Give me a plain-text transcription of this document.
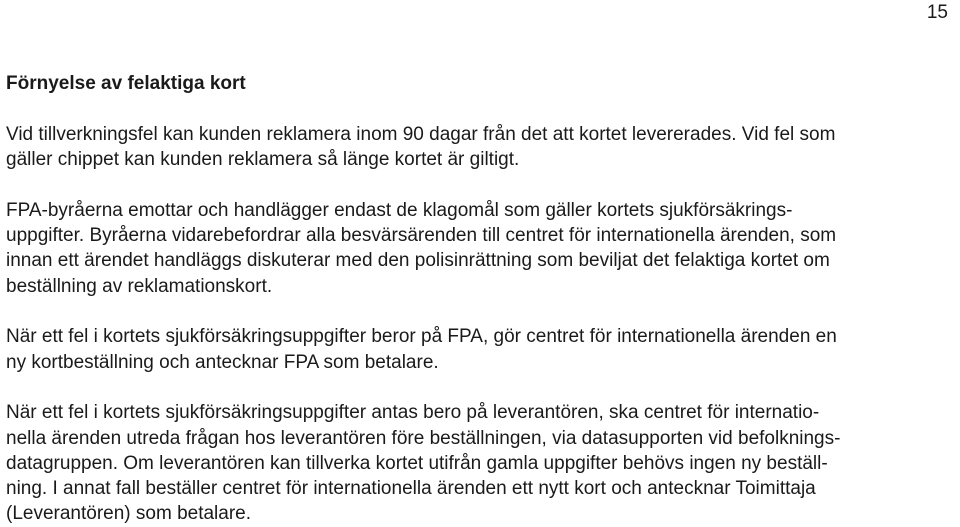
15
Förnyelse av felaktiga kort
Vid tillverkningsfel kan kunden reklamera inom 90 dagar från det att kortet levererades. Vid fel som
gäller chippet kan kunden reklamera så länge kortet är giltigt.
FPA-byråerna emottar och handlägger endast de klagomål som gäller kortets sjukförsäkrings-
uppgifter. Byråerna vidarebefordrar alla besvärsärenden till centret för internationella ärenden, som
innan ett ärendet handläggs diskuterar med den polisinrättning som beviljat det felaktiga kortet om
beställning av reklamationskort.
När ett fel i kortets sjukförsäkringsuppgifter beror på FPA, gör centret för internationella ärenden en
ny kortbeställning och antecknar FPA som betalare.
När ett fel i kortets sjukförsäkringsuppgifter antas bero på leverantören, ska centret för internatio-
nella ärenden utreda frågan hos leverantören före beställningen, via datasupporten vid befolknings-
datagruppen. Om leverantören kan tillverka kortet utifrån gamla uppgifter behövs ingen ny beställ-
ning. I annat fall beställer centret för internationella ärenden ett nytt kort och antecknar Toimittaja
(Leverantören) som betalare.
